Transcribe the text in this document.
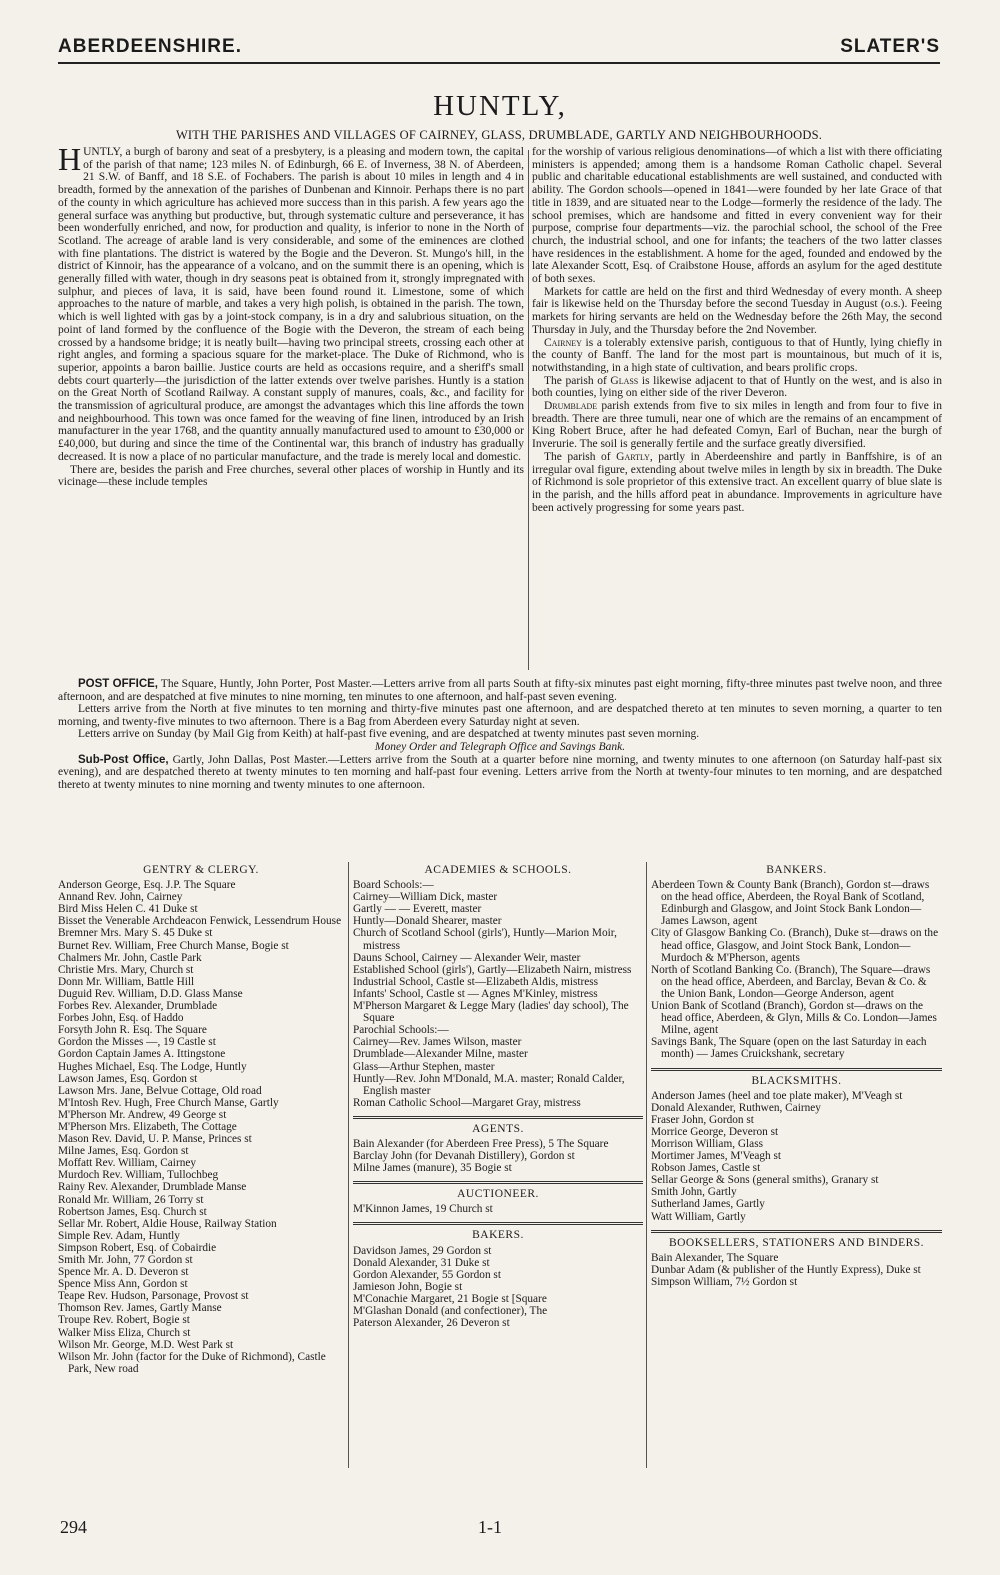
ABERDEENSHIRE.	SLATER'S
HUNTLY,
WITH THE PARISHES AND VILLAGES OF CAIRNEY, GLASS, DRUMBLADE, GARTLY AND NEIGHBOURHOODS.

HUNTLY, a burgh of barony and seat of a presbytery, is a pleasing and modern town, the capital of the parish of that name; 123 miles N. of Edinburgh, 66 E. of Inverness, 38 N. of Aberdeen, 21 S.W. of Banff, and 18 S.E. of Fochabers. The parish is about 10 miles in length and 4 in breadth, formed by the annexation of the parishes of Dunbenan and Kinnoir. Perhaps there is no part of the county in which agriculture has achieved more success than in this parish. A few years ago the general surface was anything but productive, but, through systematic culture and perseverance, it has been wonderfully enriched, and now, for production and quality, is inferior to none in the North of Scotland. The acreage of arable land is very considerable, and some of the eminences are clothed with fine plantations. The district is watered by the Bogie and the Deveron. St. Mungo's hill, in the district of Kinnoir, has the appearance of a volcano, and on the summit there is an opening, which is generally filled with water, though in dry seasons peat is obtained from it, strongly impregnated with sulphur, and pieces of lava, it is said, have been found round it. Limestone, some of which approaches to the nature of marble, and takes a very high polish, is obtained in the parish. The town, which is well lighted with gas by a joint-stock company, is in a dry and salubrious situation, on the point of land formed by the confluence of the Bogie with the Deveron, the stream of each being crossed by a handsome bridge; it is neatly built—having two principal streets, crossing each other at right angles, and forming a spacious square for the market-place. The Duke of Richmond, who is superior, appoints a baron baillie. Justice courts are held as occasions require, and a sheriff's small debts court quarterly—the jurisdiction of the latter extends over twelve parishes. Huntly is a station on the Great North of Scotland Railway. A constant supply of manures, coals, &c., and facility for the transmission of agricultural produce, are amongst the advantages which this line affords the town and neighbourhood. This town was once famed for the weaving of fine linen, introduced by an Irish manufacturer in the year 1768, and the quantity annually manufactured used to amount to £30,000 or £40,000, but during and since the time of the Continental war, this branch of industry has gradually decreased. It is now a place of no particular manufacture, and the trade is merely local and domestic.

There are, besides the parish and Free churches, several other places of worship in Huntly and its vicinage—these include temples

for the worship of various religious denominations—of which a list with there officiating ministers is appended; among them is a handsome Roman Catholic chapel. Several public and charitable educational establishments are well sustained, and conducted with ability. The Gordon schools—opened in 1841—were founded by her late Grace of that title in 1839, and are situated near to the Lodge—formerly the residence of the lady. The school premises, which are handsome and fitted in every convenient way for their purpose, comprise four departments—viz. the parochial school, the school of the Free church, the industrial school, and one for infants; the teachers of the two latter classes have residences in the establishment. A home for the aged, founded and endowed by the late Alexander Scott, Esq. of Craibstone House, affords an asylum for the aged destitute of both sexes.

Markets for cattle are held on the first and third Wednesday of every month. A sheep fair is likewise held on the Thursday before the second Tuesday in August (o.s.). Feeing markets for hiring servants are held on the Wednesday before the 26th May, the second Thursday in July, and the Thursday before the 2nd November.

Cairney is a tolerably extensive parish, contiguous to that of Huntly, lying chiefly in the county of Banff. The land for the most part is mountainous, but much of it is, notwithstanding, in a high state of cultivation, and bears prolific crops.

The parish of Glass is likewise adjacent to that of Huntly on the west, and is also in both counties, lying on either side of the river Deveron.

Drumblade parish extends from five to six miles in length and from four to five in breadth. There are three tumuli, near one of which are the remains of an encampment of King Robert Bruce, after he had defeated Comyn, Earl of Buchan, near the burgh of Inverurie. The soil is generally fertile and the surface greatly diversified.

The parish of Gartly, partly in Aberdeenshire and partly in Banffshire, is of an irregular oval figure, extending about twelve miles in length by six in breadth. The Duke of Richmond is sole proprietor of this extensive tract. An excellent quarry of blue slate is in the parish, and the hills afford peat in abundance. Improvements in agriculture have been actively progressing for some years past.

POST OFFICE, The Square, Huntly, John Porter, Post Master.—Letters arrive from all parts South at fifty-six minutes past eight morning, fifty-three minutes past twelve noon, and three afternoon, and are despatched at five minutes to nine morning, ten minutes to one afternoon, and half-past seven evening.

Letters arrive from the North at five minutes to ten morning and thirty-five minutes past one afternoon, and are despatched thereto at ten minutes to seven morning, a quarter to ten morning, and twenty-five minutes to two afternoon. There is a Bag from Aberdeen every Saturday night at seven.

Letters arrive on Sunday (by Mail Gig from Keith) at half-past five evening, and are despatched at twenty minutes past seven morning.

Money Order and Telegraph Office and Savings Bank.

Sub-Post Office, Gartly, John Dallas, Post Master.—Letters arrive from the South at a quarter before nine morning, and twenty minutes to one afternoon (on Saturday half-past six evening), and are despatched thereto at twenty minutes to ten morning and half-past four evening. Letters arrive from the North at twenty-four minutes to ten morning, and are despatched thereto at twenty minutes to nine morning and twenty minutes to one afternoon.

GENTRY & CLERGY.
Anderson George, Esq. J.P. The Square
Annand Rev. John, Cairney
Bird Miss Helen C. 41 Duke st
Bisset the Venerable Archdeacon Fenwick, Lessendrum House
Bremner Mrs. Mary S. 45 Duke st
Burnet Rev. William, Free Church Manse, Bogie st
Chalmers Mr. John, Castle Park
Christie Mrs. Mary, Church st
Donn Mr. William, Battle Hill
Duguid Rev. William, D.D. Glass Manse
Forbes Rev. Alexander, Drumblade
Forbes John, Esq. of Haddo
Forsyth John R. Esq. The Square
Gordon the Misses —, 19 Castle st
Gordon Captain James A. Ittingstone
Hughes Michael, Esq. The Lodge, Huntly
Lawson James, Esq. Gordon st
Lawson Mrs. Jane, Belvue Cottage, Old road
M'Intosh Rev. Hugh, Free Church Manse, Gartly
M'Pherson Mr. Andrew, 49 George st
M'Pherson Mrs. Elizabeth, The Cottage
Mason Rev. David, U. P. Manse, Princes st
Milne James, Esq. Gordon st
Moffatt Rev. William, Cairney
Murdoch Rev. William, Tullochbeg
Rainy Rev. Alexander, Drumblade Manse
Ronald Mr. William, 26 Torry st
Robertson James, Esq. Church st
Sellar Mr. Robert, Aldie House, Railway Station
Simple Rev. Adam, Huntly
Simpson Robert, Esq. of Cobairdie
Smith Mr. John, 77 Gordon st
Spence Mr. A. D. Deveron st
Spence Miss Ann, Gordon st
Teape Rev. Hudson, Parsonage, Provost st
Thomson Rev. James, Gartly Manse
Troupe Rev. Robert, Bogie st
Walker Miss Eliza, Church st
Wilson Mr. George, M.D. West Park st
Wilson Mr. John (factor for the Duke of Richmond), Castle Park, New road
ACADEMIES & SCHOOLS.
Board Schools:—
Cairney—William Dick, master
Gartly — — Everett, master
Huntly—Donald Shearer, master
Church of Scotland School (girls'), Huntly—Marion Moir, mistress
Dauns School, Cairney — Alexander Weir, master
Established School (girls'), Gartly—Elizabeth Nairn, mistress
Industrial School, Castle st—Elizabeth Aldis, mistress
Infants' School, Castle st — Agnes M'Kinley, mistress
M'Pherson Margaret & Legge Mary (ladies' day school), The Square
Parochial Schools:—
Cairney—Rev. James Wilson, master
Drumblade—Alexander Milne, master
Glass—Arthur Stephen, master
Huntly—Rev. John M'Donald, M.A. master; Ronald Calder, English master
Roman Catholic School—Margaret Gray, mistress
AGENTS.
Bain Alexander (for Aberdeen Free Press), 5 The Square
Barclay John (for Devanah Distillery), Gordon st
Milne James (manure), 35 Bogie st
AUCTIONEER.
M'Kinnon James, 19 Church st
BAKERS.
Davidson James, 29 Gordon st
Donald Alexander, 31 Duke st
Gordon Alexander, 55 Gordon st
Jamieson John, Bogie st
M'Conachie Margaret, 21 Bogie st [Square
M'Glashan Donald (and confectioner), The
Paterson Alexander, 26 Deveron st
BANKERS.
Aberdeen Town & County Bank (Branch), Gordon st—draws on the head office, Aberdeen, the Royal Bank of Scotland, Edinburgh and Glasgow, and Joint Stock Bank London—James Lawson, agent
City of Glasgow Banking Co. (Branch), Duke st—draws on the head office, Glasgow, and Joint Stock Bank, London—Murdoch & M'Pherson, agents
North of Scotland Banking Co. (Branch), The Square—draws on the head office, Aberdeen, and Barclay, Bevan & Co. & the Union Bank, London—George Anderson, agent
Union Bank of Scotland (Branch), Gordon st—draws on the head office, Aberdeen, & Glyn, Mills & Co. London—James Milne, agent
Savings Bank, The Square (open on the last Saturday in each month) — James Cruickshank, secretary
BLACKSMITHS.
Anderson James (heel and toe plate maker), M'Veagh st
Donald Alexander, Ruthwen, Cairney
Fraser John, Gordon st
Morrice George, Deveron st
Morrison William, Glass
Mortimer James, M'Veagh st
Robson James, Castle st
Sellar George & Sons (general smiths), Granary st
Smith John, Gartly
Sutherland James, Gartly
Watt William, Gartly
BOOKSELLERS, STATIONERS AND BINDERS.
Bain Alexander, The Square
Dunbar Adam (& publisher of the Huntly Express), Duke st
Simpson William, 7½ Gordon st
294	1-1
